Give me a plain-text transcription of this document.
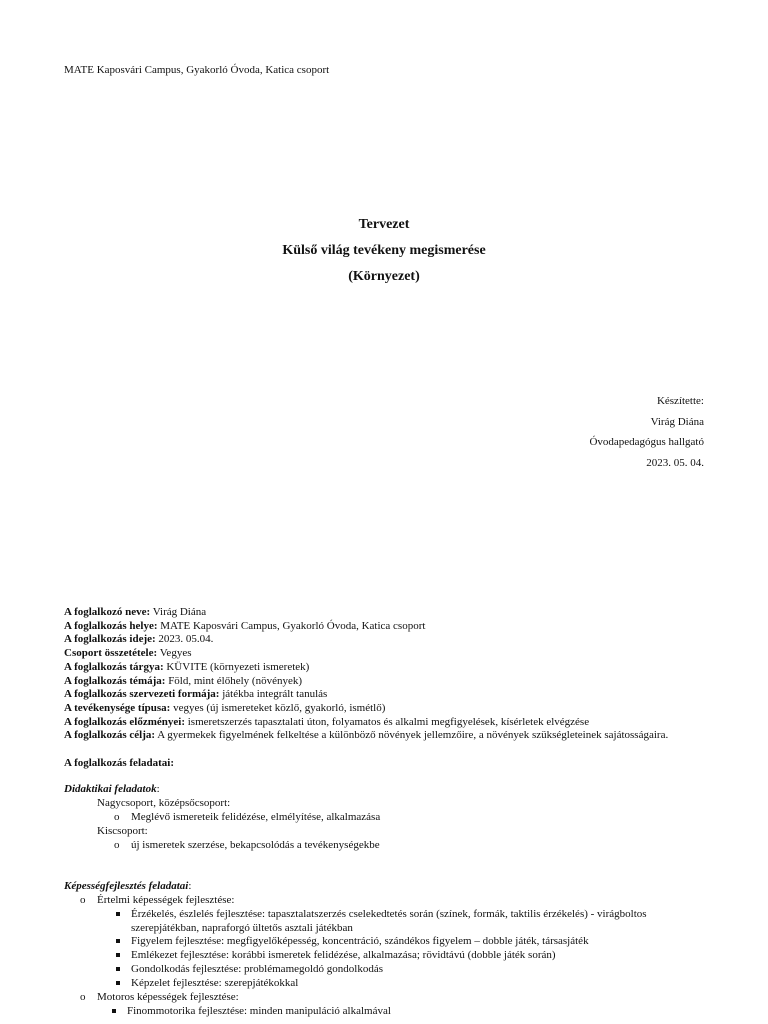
MATE Kaposvári Campus, Gyakorló Óvoda, Katica csoport
Tervezet
Külső világ tevékeny megismerése
(Környezet)
Készítette:
Virág Diána
Óvodapedagógus hallgató
2023. 05. 04.
A foglalkozó neve: Virág Diána
A foglalkozás helye: MATE Kaposvári Campus, Gyakorló Óvoda, Katica csoport
A foglalkozás ideje: 2023. 05.04.
Csoport összetétele: Vegyes
A foglalkozás tárgya: KÜVITE (környezeti ismeretek)
A foglalkozás témája: Föld, mint élőhely (növények)
A foglalkozás szervezeti formája: játékba integrált tanulás
A tevékenysége típusa: vegyes (új ismereteket közlő, gyakorló, ismétlő)
A foglalkozás előzményei: ismeretszerzés tapasztalati úton, folyamatos és alkalmi megfigyelések, kísérletek elvégzése
A foglalkozás célja: A gyermekek figyelmének felkeltése a különböző növények jellemzőire, a növények szükségleteinek sajátosságaira.
A foglalkozás feladatai:
Didaktikai feladatok:
Nagycsoport, középsőcsoport:
o Meglévő ismereteik felidézése, elmélyítése, alkalmazása
Kiscsoport:
o új ismeretek szerzése, bekapcsolódás a tevékenységekbe
Képességfejlesztés feladatai:
o Értelmi képességek fejlesztése:
Érzékelés, észlelés fejlesztése: tapasztalatszerzés cselekedtetés során (színek, formák, taktilis érzékelés) - virágboltos szerepjátékban, napraforgó ültetős asztali játékban
Figyelem fejlesztése: megfigyelőképesség, koncentráció, szándékos figyelem – dobble játék, társasjáték
Emlékezet fejlesztése: korábbi ismeretek felidézése, alkalmazása; rövidtávú (dobble játék során)
Gondolkodás fejlesztése: problémamegoldó gondolkodás
Képzelet fejlesztése: szerepjátékokkal
o Motoros képességek fejlesztése:
Finommotorika fejlesztése: minden manipuláció alkalmával
